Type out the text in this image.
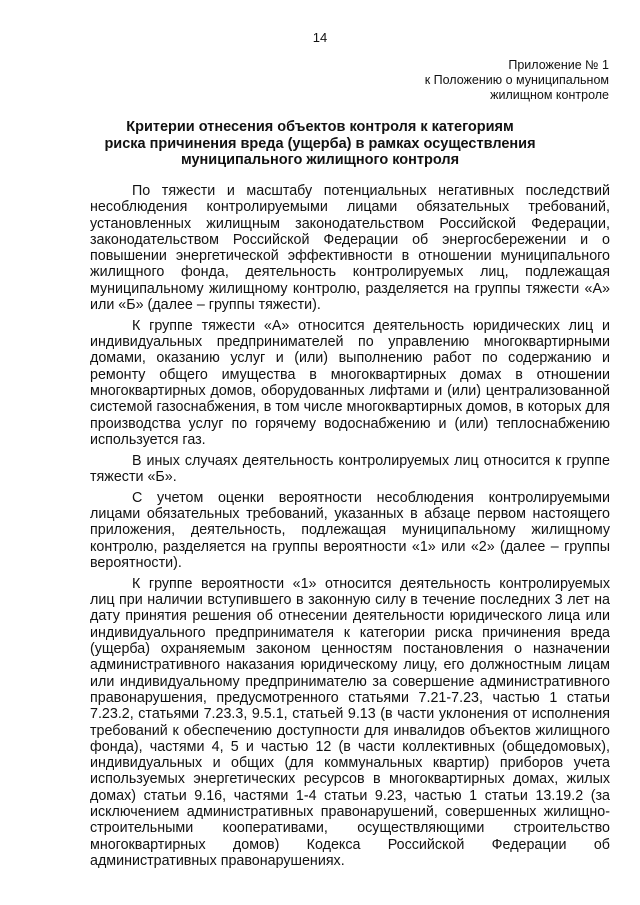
14
Приложение № 1
к Положению о муниципальном
жилищном контроле
Критерии отнесения объектов контроля к категориям
риска причинения вреда (ущерба) в рамках осуществления
муниципального жилищного контроля

По тяжести и масштабу потенциальных негативных последствий несоблюдения контролируемыми лицами обязательных требований, установленных жилищным законодательством Российской Федерации, законодательством Российской Федерации об энергосбережении и о повышении энергетической эффективности в отношении муниципального жилищного фонда, деятельность контролируемых лиц, подлежащая муниципальному жилищному контролю, разделяется на группы тяжести «А» или «Б» (далее – группы тяжести).

К группе тяжести «А» относится деятельность юридических лиц и индивидуальных предпринимателей по управлению многоквартирными домами, оказанию услуг и (или) выполнению работ по содержанию и ремонту общего имущества в многоквартирных домах в отношении многоквартирных домов, оборудованных лифтами и (или) централизованной системой газоснабжения, в том числе многоквартирных домов, в которых для производства услуг по горячему водоснабжению и (или) теплоснабжению используется газ.

В иных случаях деятельность контролируемых лиц относится к группе тяжести «Б».

С учетом оценки вероятности несоблюдения контролируемыми лицами обязательных требований, указанных в абзаце первом настоящего приложения, деятельность, подлежащая муниципальному жилищному контролю, разделяется на группы вероятности «1» или «2» (далее – группы вероятности).

К группе вероятности «1» относится деятельность контролируемых лиц при наличии вступившего в законную силу в течение последних 3 лет на дату принятия решения об отнесении деятельности юридического лица или индивидуального предпринимателя к категории риска причинения вреда (ущерба) охраняемым законом ценностям постановления о назначении административного наказания юридическому лицу, его должностным лицам или индивидуальному предпринимателю за совершение административного правонарушения, предусмотренного статьями 7.21-7.23, частью 1 статьи 7.23.2, статьями 7.23.3, 9.5.1, статьей 9.13 (в части уклонения от исполнения требований к обеспечению доступности для инвалидов объектов жилищного фонда), частями 4, 5 и частью 12 (в части коллективных (общедомовых), индивидуальных и общих (для коммунальных квартир) приборов учета используемых энергетических ресурсов в многоквартирных домах, жилых домах) статьи 9.16, частями 1-4 статьи 9.23, частью 1 статьи 13.19.2 (за исключением административных правонарушений, совершенных жилищно-строительными кооперативами, осуществляющими строительство многоквартирных домов) Кодекса Российской Федерации об административных правонарушениях.
